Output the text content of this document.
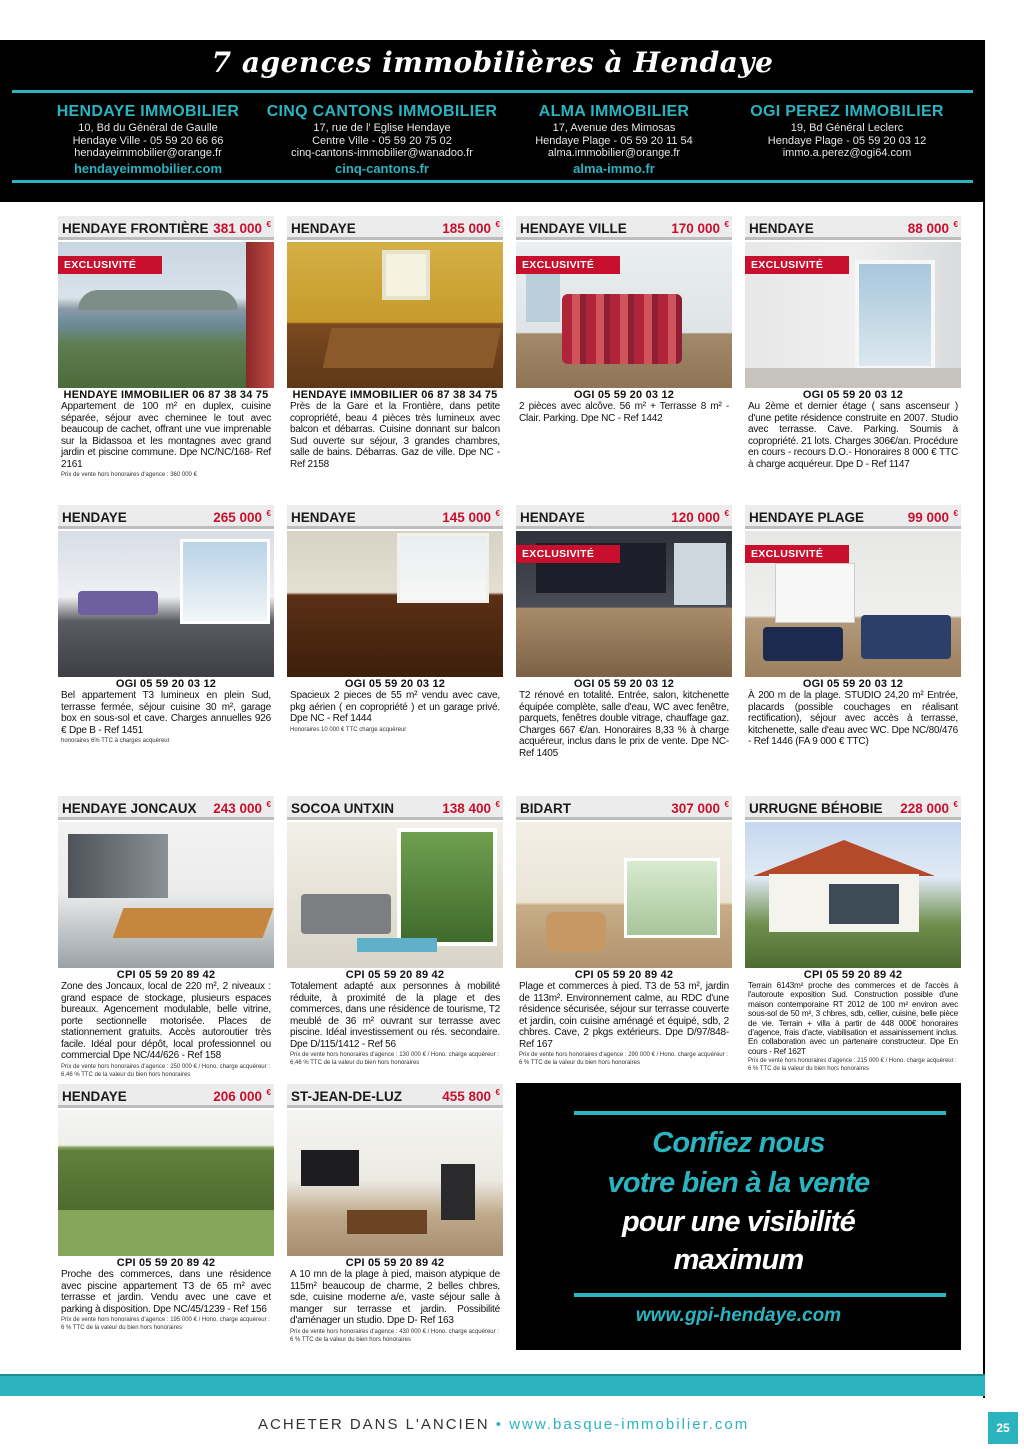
7 agences immobilières à Hendaye
HENDAYE IMMOBILIER
10, Bd du Général de Gaulle
Hendaye Ville - 05 59 20 66 66
hendayeimmobilier@orange.fr
hendayeimmobilier.com
CINQ CANTONS IMMOBILIER
17, rue de l' Eglise Hendaye
Centre Ville - 05 59 20 75 02
cinq-cantons-immobilier@wanadoo.fr
cinq-cantons.fr
ALMA IMMOBILIER
17, Avenue des Mimosas
Hendaye Plage - 05 59 20 11 54
alma.immobilier@orange.fr
alma-immo.fr
OGI PEREZ IMMOBILIER
19, Bd Général Leclerc
Hendaye Plage - 05 59 20 03 12
immo.a.perez@ogi64.com
HENDAYE FRONTIÈRE 381 000 €
EXCLUSIVITÉ
HENDAYE IMMOBILIER 06 87 38 34 75
Appartement de 100 m² en duplex, cuisine séparée, séjour avec cheminee le tout avec beaucoup de cachet, offrant une vue imprenable sur la Bidassoa et les montagnes avec grand jardin et piscine commune. Dpe NC/NC/168- Ref 2161
Prix de vente hors honoraires d'agence : 360 000 €
HENDAYE	185 000 €
HENDAYE IMMOBILIER 06 87 38 34 75
Près de la Gare et la Frontière, dans petite copropriété, beau 4 pièces très lumineux avec balcon et débarras. Cuisine donnant sur balcon Sud ouverte sur séjour, 3 grandes chambres, salle de bains. Débarras. Gaz de ville. Dpe NC - Ref 2158
HENDAYE VILLE	170 000 €
EXCLUSIVITÉ
OGI 05 59 20 03 12
2 pièces avec alcôve. 56 m² + Terrasse 8 m² - Clair. Parking. Dpe NC - Ref 1442
HENDAYE	88 000 €
EXCLUSIVITÉ
OGI 05 59 20 03 12
Au 2ème et dernier étage ( sans ascenseur ) d'une petite résidence construite en 2007. Studio avec terrasse. Cave. Parking. Soumis à copropriété. 21 lots. Charges 306€/an. Procédure en cours - recours D.O.- Honoraires 8 000 € TTC à charge acquéreur. Dpe D - Ref 1147
HENDAYE	265 000 €
OGI 05 59 20 03 12
Bel appartement T3 lumineux en plein Sud, terrasse fermée, séjour cuisine 30 m², garage box en sous-sol et cave. Charges annuelles 926 € Dpe B - Ref 1451
honoraires 6% TTC à charges acquéreur
HENDAYE	145 000 €
OGI 05 59 20 03 12
Spacieux 2 pieces de 55 m² vendu avec cave, pkg aérien ( en copropriété ) et un garage privé. Dpe NC - Ref 1444
Honoraires 10 000 € TTC charge acquéreur
HENDAYE	120 000 €
EXCLUSIVITÉ
OGI 05 59 20 03 12
T2 rénové en totalité. Entrée, salon, kitchenette équipée complète, salle d'eau, WC avec fenêtre, parquets, fenêtres double vitrage, chauffage gaz. Charges 667 €/an. Honoraires 8,33 % à charge acquéreur, inclus dans le prix de vente. Dpe NC- Ref 1405
HENDAYE PLAGE	99 000 €
EXCLUSIVITÉ
OGI 05 59 20 03 12
À 200 m de la plage. STUDIO 24,20 m² Entrée, placards (possible couchages en réalisant rectification), séjour avec accès à terrasse, kitchenette, salle d'eau avec WC. Dpe NC/80/476 - Ref 1446 (FA 9 000 € TTC)
HENDAYE JONCAUX 243 000 €
CPI 05 59 20 89 42
Zone des Joncaux, local de 220 m², 2 niveaux : grand espace de stockage, plusieurs espaces bureaux. Agencement modulable, belle vitrine, porte sectionnelle motorisée. Places de stationnement gratuits. Accès autoroutier très facile. Idéal pour dépôt, local professionnel ou commercial Dpe NC/44/626 - Ref 158
Prix de vente hors honoraires d'agence : 250 000 € / Hono. charge acquéreur : 6,46 % TTC de la valeur du bien hors honoraires
SOCOA UNTXIN	138 400 €
CPI 05 59 20 89 42
Totalement adapté aux personnes à mobilité réduite, à proximité de la plage et des commerces, dans une résidence de tourisme, T2 meublé de 36 m² ouvrant sur terrasse avec piscine. Idéal investissement ou rés. secondaire. Dpe D/115/1412 - Ref 56
Prix de vente hors honoraires d'agence : 130 000 € / Hono. charge acquéreur : 6,46 % TTC de la valeur du bien hors honoraires
BIDART	307 000 €
CPI 05 59 20 89 42
Plage et commerces à pied. T3 de 53 m², jardin de 113m². Environnement calme, au RDC d'une résidence sécurisée, séjour sur terrasse couverte et jardin, coin cuisine aménagé et équipé, sdb, 2 chbres. Cave, 2 pkgs extérieurs. Dpe D/97/848- Ref 167
Prix de vente hors honoraires d'agence : 290 000 € / Hono. charge acquéreur : 6 % TTC de la valeur du bien hors honoraires
URRUGNE BÉHOBIE 228 000 €
CPI 05 59 20 89 42
Terrain 6143m² proche des commerces et de l'accès à l'autoroute exposition Sud. Construction possible d'une maison contemporaine RT 2012 de 100 m² environ avec sous-sol de 50 m², 3 chbres, sdb, cellier, cuisine, belle pièce de vie. Terrain + villa à partir de 448 000€ honoraires d'agence, frais d'acte, viabilisation et assainissement inclus. En collaboration avec un partenaire constructeur. Dpe En cours - Ref 162T
Prix de vente hors honoraires d'agence : 215 000 € / Hono. charge acquéreur : 6 % TTC de la valeur du bien hors honoraires
HENDAYE	206 000 €
CPI 05 59 20 89 42
Proche des commerces, dans une résidence avec piscine appartement T3 de 65 m² avec terrasse et jardin. Vendu avec une cave et parking à disposition. Dpe NC/45/1239 - Ref 156
Prix de vente hors honoraires d'agence : 195 000 € / Hono. charge acquéreur : 6 % TTC de la valeur du bien hors honoraires
ST-JEAN-DE-LUZ	455 800 €
CPI 05 59 20 89 42
A 10 mn de la plage à pied, maison atypique de 115m² beaucoup de charme, 2 belles chbres, sde, cuisine moderne a/e, vaste séjour salle à manger sur terrasse et jardin. Possibilité d'aménager un studio. Dpe D- Ref 163
Prix de vente hors honoraires d'agence : 430 000 € / Hono. charge acquéreur : 6 % TTC de la valeur du bien hors honoraires
Confiez nous
votre bien à la vente
pour une visibilité
maximum
www.gpi-hendaye.com
ACHETER DANS L'ANCIEN • www.basque-immobilier.com	25
